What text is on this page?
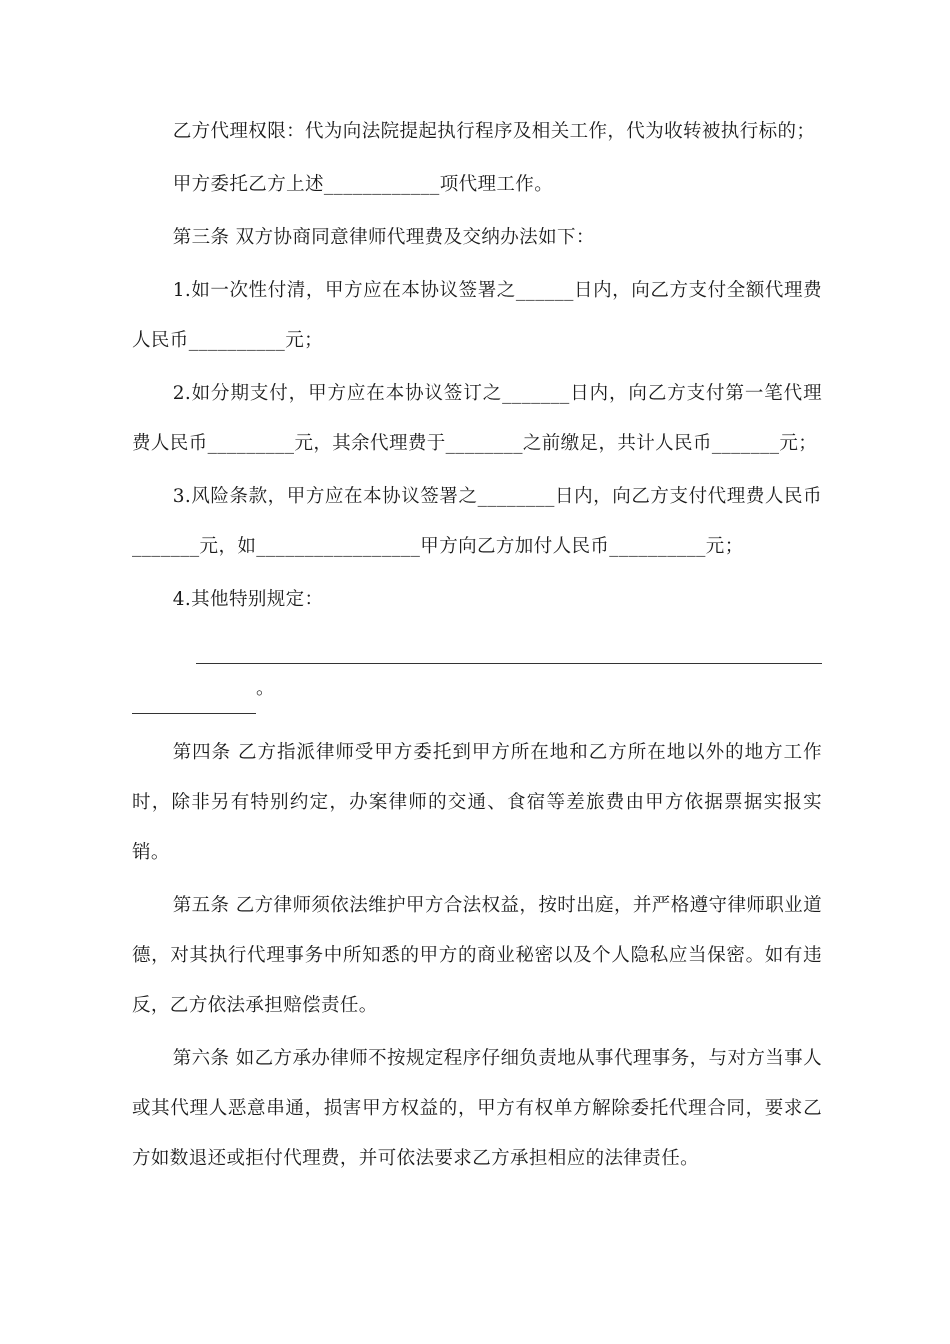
乙方代理权限：代为向法院提起执行程序及相关工作，代为收转被执行标的；

甲方委托乙方上述____________项代理工作。

第三条 双方协商同意律师代理费及交纳办法如下：

1.如一次性付清，甲方应在本协议签署之______日内，向乙方支付全额代理费人民币__________元；

2.如分期支付，甲方应在本协议签订之_______日内，向乙方支付第一笔代理费人民币_________元，其余代理费于________之前缴足，共计人民币_______元；

3.风险条款，甲方应在本协议签署之________日内，向乙方支付代理费人民币_______元，如_________________甲方向乙方加付人民币__________元；

4.其他特别规定：

。

第四条 乙方指派律师受甲方委托到甲方所在地和乙方所在地以外的地方工作时，除非另有特别约定，办案律师的交通、食宿等差旅费由甲方依据票据实报实销。

第五条 乙方律师须依法维护甲方合法权益，按时出庭，并严格遵守律师职业道德，对其执行代理事务中所知悉的甲方的商业秘密以及个人隐私应当保密。如有违反，乙方依法承担赔偿责任。

第六条 如乙方承办律师不按规定程序仔细负责地从事代理事务，与对方当事人或其代理人恶意串通，损害甲方权益的，甲方有权单方解除委托代理合同，要求乙方如数退还或拒付代理费，并可依法要求乙方承担相应的法律责任。
